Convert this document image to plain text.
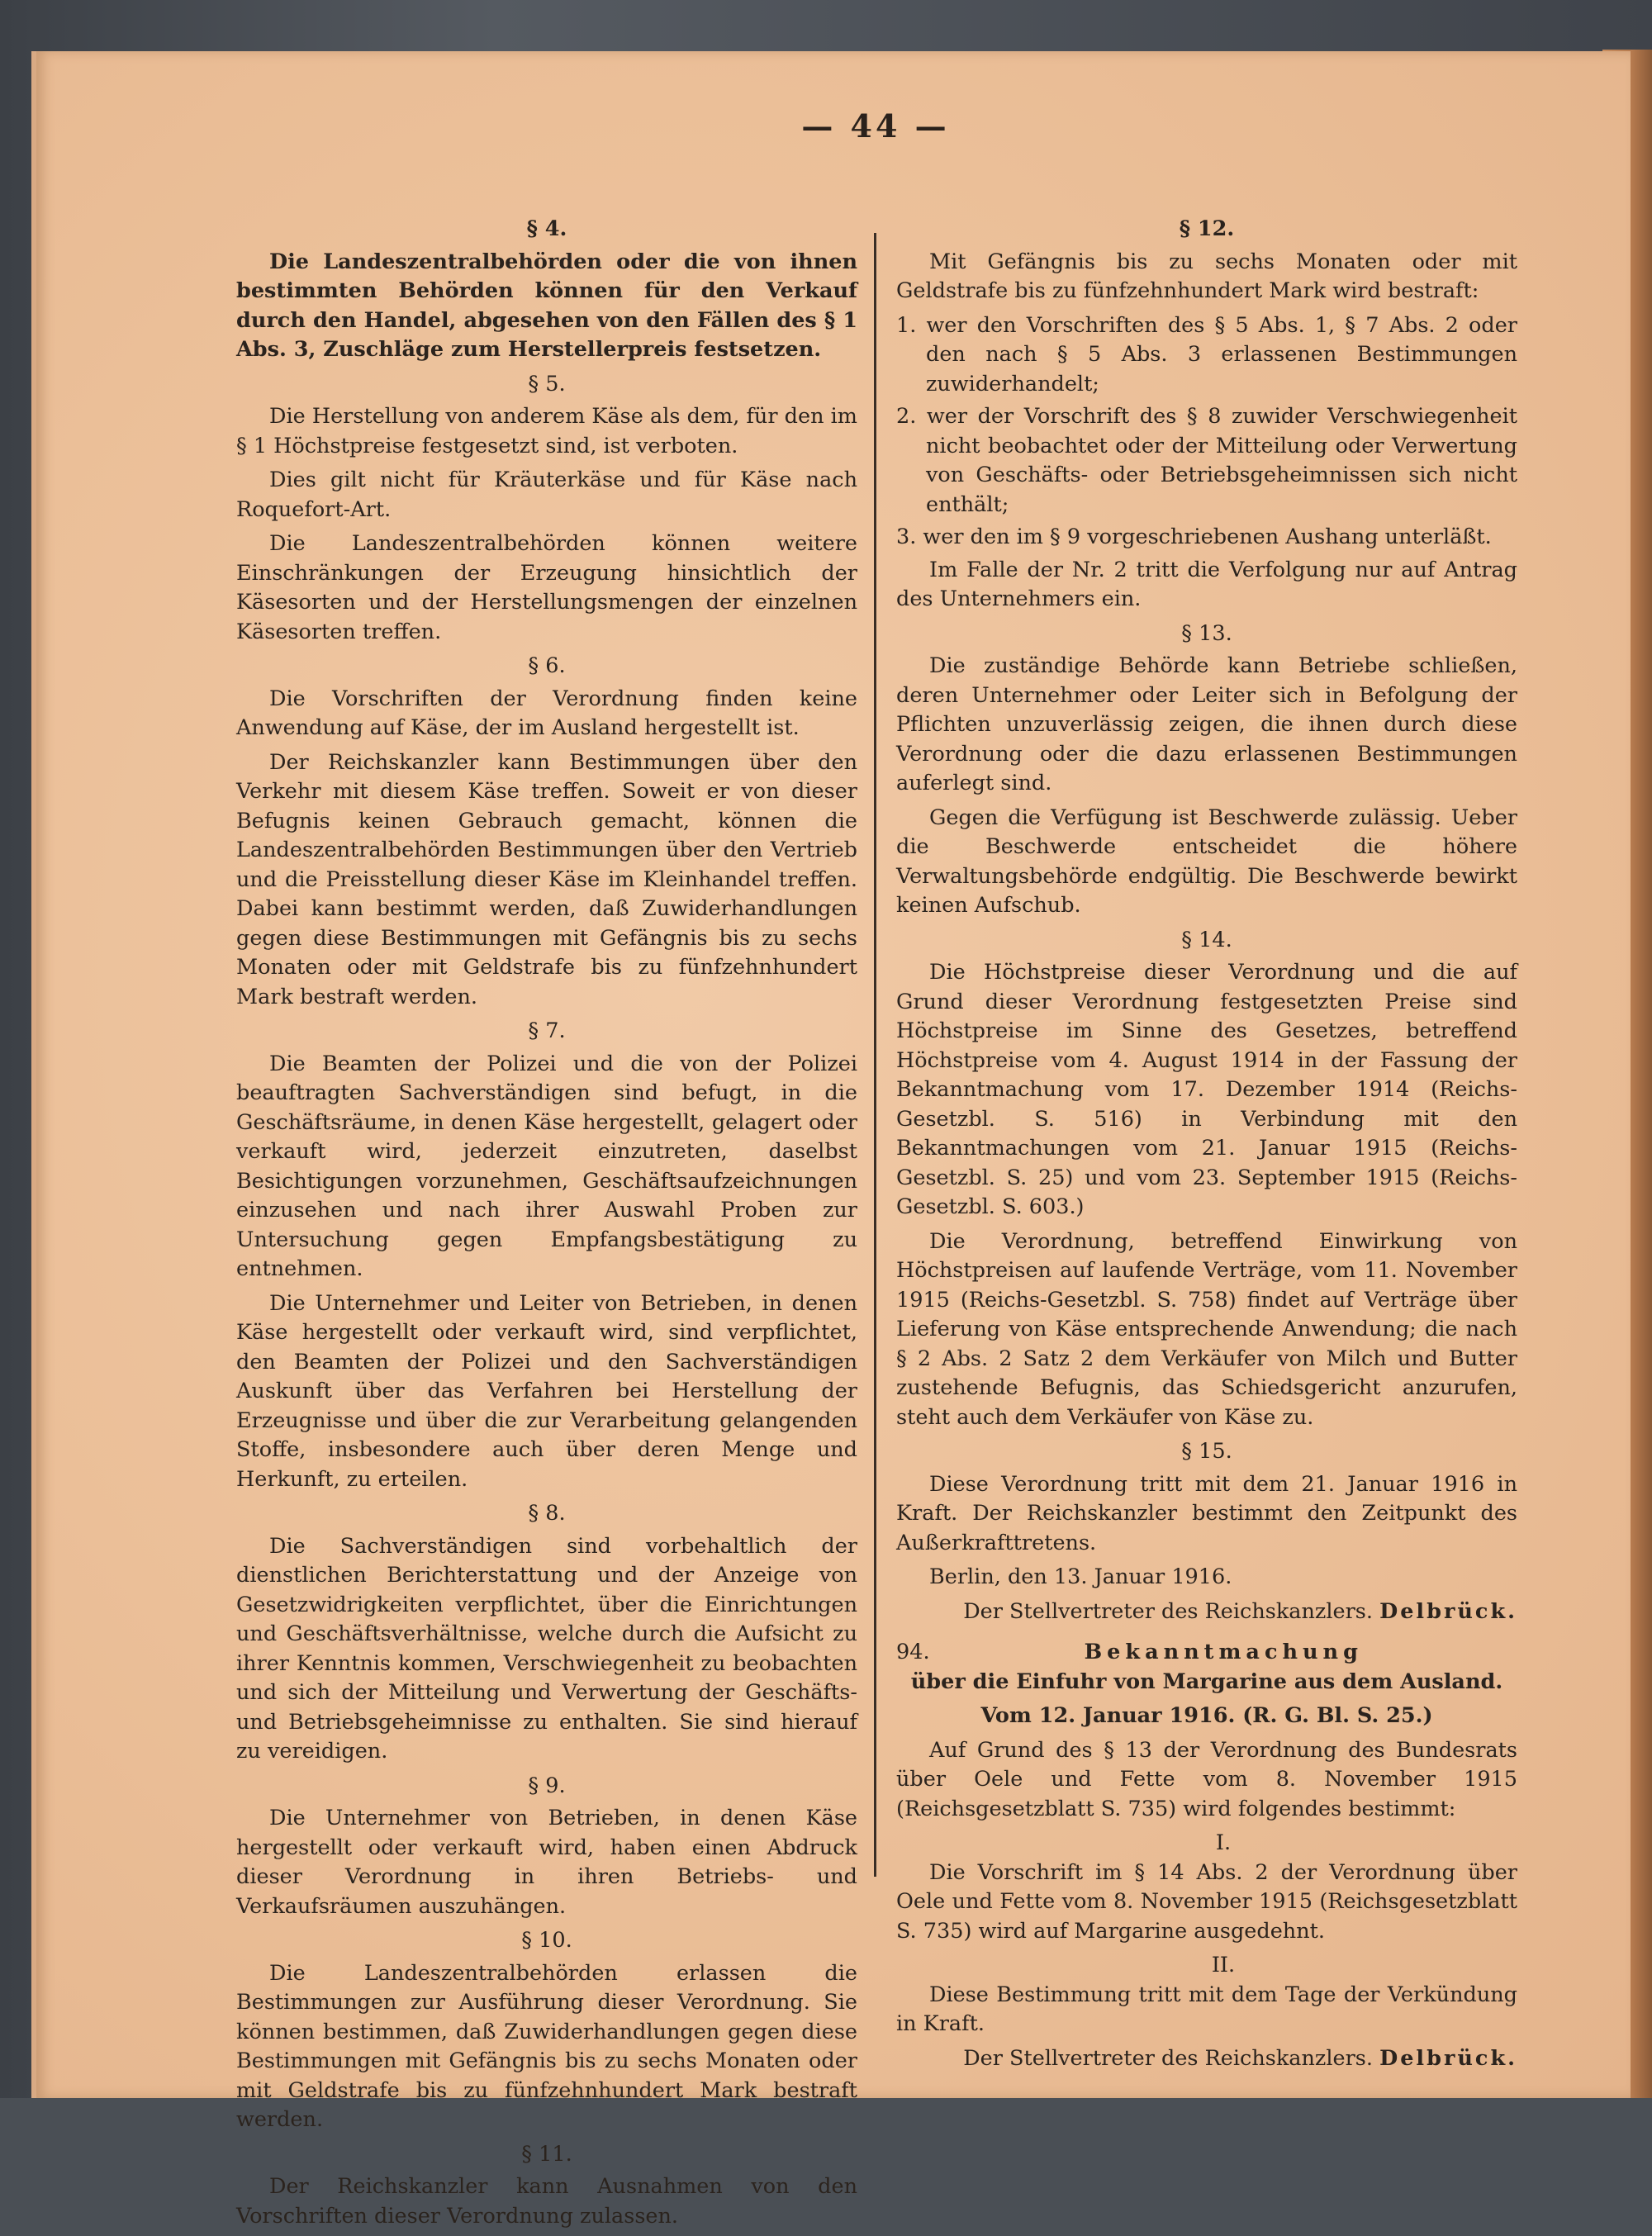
— 44 —
§ 4.

Die Landeszentralbehörden oder die von ihnen bestimmten Behörden können für den Verkauf durch den Handel, abgesehen von den Fällen des § 1 Abs. 3, Zuschläge zum Herstellerpreis festsetzen.

§ 5.

Die Herstellung von anderem Käse als dem, für den im § 1 Höchstpreise festgesetzt sind, ist verboten.

Dies gilt nicht für Kräuterkäse und für Käse nach Roquefort-Art.

Die Landeszentralbehörden können weitere Einschränkungen der Erzeugung hinsichtlich der Käsesorten und der Herstellungsmengen der einzelnen Käsesorten treffen.

§ 6.

Die Vorschriften der Verordnung finden keine Anwendung auf Käse, der im Ausland hergestellt ist.

Der Reichskanzler kann Bestimmungen über den Verkehr mit diesem Käse treffen. Soweit er von dieser Befugnis keinen Gebrauch gemacht, können die Landeszentralbehörden Bestimmungen über den Vertrieb und die Preisstellung dieser Käse im Kleinhandel treffen. Dabei kann bestimmt werden, daß Zuwiderhandlungen gegen diese Bestimmungen mit Gefängnis bis zu sechs Monaten oder mit Geldstrafe bis zu fünfzehnhundert Mark bestraft werden.

§ 7.

Die Beamten der Polizei und die von der Polizei beauftragten Sachverständigen sind befugt, in die Geschäftsräume, in denen Käse hergestellt, gelagert oder verkauft wird, jederzeit einzutreten, daselbst Besichtigungen vorzunehmen, Geschäftsaufzeichnungen einzusehen und nach ihrer Auswahl Proben zur Untersuchung gegen Empfangsbestätigung zu entnehmen.

Die Unternehmer und Leiter von Betrieben, in denen Käse hergestellt oder verkauft wird, sind verpflichtet, den Beamten der Polizei und den Sachverständigen Auskunft über das Verfahren bei Herstellung der Erzeugnisse und über die zur Verarbeitung gelangenden Stoffe, insbesondere auch über deren Menge und Herkunft, zu erteilen.

§ 8.

Die Sachverständigen sind vorbehaltlich der dienstlichen Berichterstattung und der Anzeige von Gesetzwidrigkeiten verpflichtet, über die Einrichtungen und Geschäftsverhältnisse, welche durch die Aufsicht zu ihrer Kenntnis kommen, Verschwiegenheit zu beobachten und sich der Mitteilung und Verwertung der Geschäfts- und Betriebsgeheimnisse zu enthalten. Sie sind hierauf zu vereidigen.

§ 9.

Die Unternehmer von Betrieben, in denen Käse hergestellt oder verkauft wird, haben einen Abdruck dieser Verordnung in ihren Betriebs- und Verkaufsräumen auszuhängen.

§ 10.

Die Landeszentralbehörden erlassen die Bestimmungen zur Ausführung dieser Verordnung. Sie können bestimmen, daß Zuwiderhandlungen gegen diese Bestimmungen mit Gefängnis bis zu sechs Monaten oder mit Geldstrafe bis zu fünfzehnhundert Mark bestraft werden.

§ 11.

Der Reichskanzler kann Ausnahmen von den Vorschriften dieser Verordnung zulassen.

§ 12.

Mit Gefängnis bis zu sechs Monaten oder mit Geldstrafe bis zu fünfzehnhundert Mark wird bestraft:

1. wer den Vorschriften des § 5 Abs. 1, § 7 Abs. 2 oder den nach § 5 Abs. 3 erlassenen Bestimmungen zuwiderhandelt;

2. wer der Vorschrift des § 8 zuwider Verschwiegenheit nicht beobachtet oder der Mitteilung oder Verwertung von Geschäfts- oder Betriebsgeheimnissen sich nicht enthält;

3. wer den im § 9 vorgeschriebenen Aushang unterläßt.

Im Falle der Nr. 2 tritt die Verfolgung nur auf Antrag des Unternehmers ein.

§ 13.

Die zuständige Behörde kann Betriebe schließen, deren Unternehmer oder Leiter sich in Befolgung der Pflichten unzuverlässig zeigen, die ihnen durch diese Verordnung oder die dazu erlassenen Bestimmungen auferlegt sind.

Gegen die Verfügung ist Beschwerde zulässig. Ueber die Beschwerde entscheidet die höhere Verwaltungsbehörde endgültig. Die Beschwerde bewirkt keinen Aufschub.

§ 14.

Die Höchstpreise dieser Verordnung und die auf Grund dieser Verordnung festgesetzten Preise sind Höchstpreise im Sinne des Gesetzes, betreffend Höchstpreise vom 4. August 1914 in der Fassung der Bekanntmachung vom 17. Dezember 1914 (Reichs-Gesetzbl. S. 516) in Verbindung mit den Bekanntmachungen vom 21. Januar 1915 (Reichs-Gesetzbl. S. 25) und vom 23. September 1915 (Reichs-Gesetzbl. S. 603.)

Die Verordnung, betreffend Einwirkung von Höchstpreisen auf laufende Verträge, vom 11. November 1915 (Reichs-Gesetzbl. S. 758) findet auf Verträge über Lieferung von Käse entsprechende Anwendung; die nach § 2 Abs. 2 Satz 2 dem Verkäufer von Milch und Butter zustehende Befugnis, das Schiedsgericht anzurufen, steht auch dem Verkäufer von Käse zu.

§ 15.

Diese Verordnung tritt mit dem 21. Januar 1916 in Kraft. Der Reichskanzler bestimmt den Zeitpunkt des Außerkrafttretens.

Berlin, den 13. Januar 1916.

Der Stellvertreter des Reichskanzlers. Delbrück.

94.	Bekanntmachung

über die Einfuhr von Margarine aus dem Ausland.

Vom 12. Januar 1916. (R. G. Bl. S. 25.)

Auf Grund des § 13 der Verordnung des Bundesrats über Oele und Fette vom 8. November 1915 (Reichsgesetzblatt S. 735) wird folgendes bestimmt:

I.

Die Vorschrift im § 14 Abs. 2 der Verordnung über Oele und Fette vom 8. November 1915 (Reichsgesetzblatt S. 735) wird auf Margarine ausgedehnt.

II.

Diese Bestimmung tritt mit dem Tage der Verkündung in Kraft.

Der Stellvertreter des Reichskanzlers. Delbrück.
